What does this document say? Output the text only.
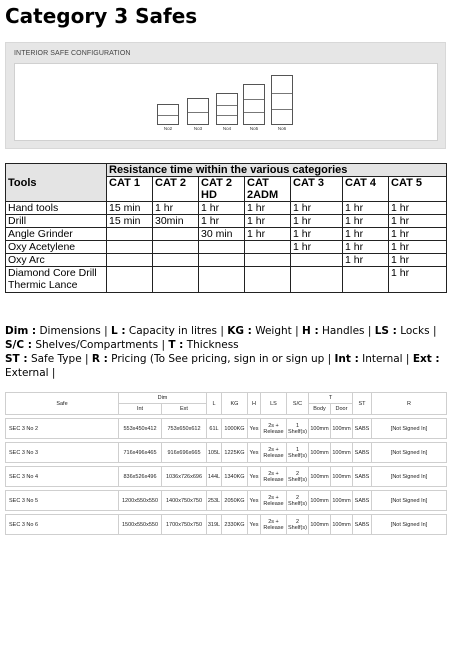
Category 3 Safes
INTERIOR SAFE CONFIGURATION
No2	No3	No4	No5	No6
Tools	Resistance time within the various categories						
	CAT 1	CAT 2	CAT 2 HD	CAT 2ADM	CAT 3	CAT 4	CAT 5
Hand tools	15 min	1 hr	1 hr	1 hr	1 hr	1 hr	1 hr
Drill	15 min	30min	1 hr	1 hr	1 hr	1 hr	1 hr
Angle Grinder			30 min	1 hr	1 hr	1 hr	1 hr
Oxy Acetylene					1 hr	1 hr	1 hr
Oxy Arc						1 hr	1 hr
Diamond Core Drill Thermic Lance							1 hr
Dim : Dimensions | L : Capacity in litres | KG : Weight | H : Handles | LS : Locks | S/C : Shelves/Compartments | T : Thickness
ST : Safe Type | R : Pricing (To See pricing, sign in or sign up | Int : Internal | Ext : External |
Safe	Dim		L	KG	H	LS	S/C	T		ST	R
	Int	Ext						Body	Door		

SEC 3 No 2	553x450x412	753x650x612	61L	1000KG	Yes	2s + Release	1 Shelf(s)	100mm	100mm	SABS	[Not Signed In]

SEC 3 No 3	716x496x465	916x696x665	105L	1225KG	Yes	2s + Release	1 Shelf(s)	100mm	100mm	SABS	[Not Signed In]

SEC 3 No 4	836x526x496	1036x726x696	144L	1340KG	Yes	2s + Release	2 Shelf(s)	100mm	100mm	SABS	[Not Signed In]

SEC 3 No 5	1200x550x550	1400x750x750	253L	2050KG	Yes	2s + Release	2 Shelf(s)	100mm	100mm	SABS	[Not Signed In]

SEC 3 No 6	1500x550x550	1700x750x750	319L	2330KG	Yes	2s + Release	2 Shelf(s)	100mm	100mm	SABS	[Not Signed In]
